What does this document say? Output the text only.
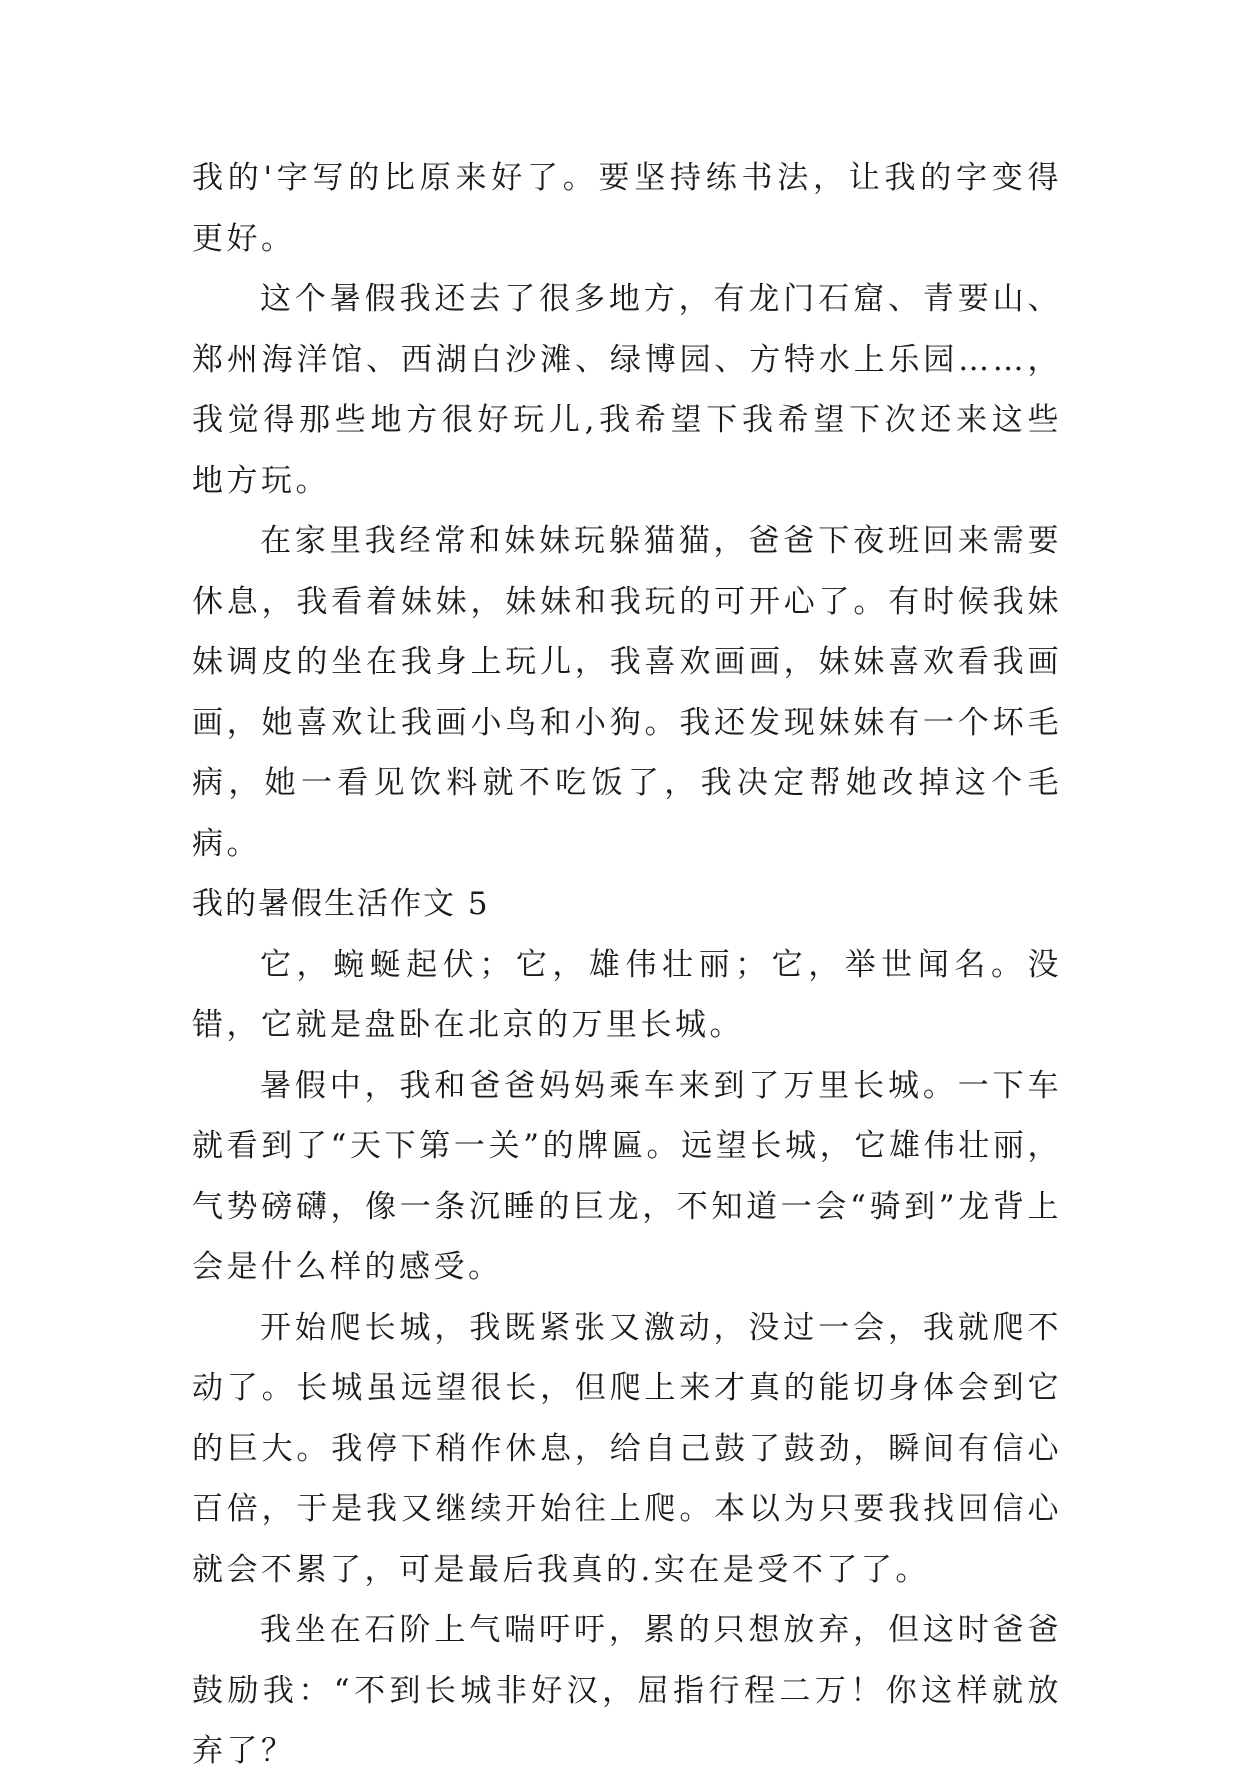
我的'字写的比原来好了。要坚持练书法，让我的字变得更好。

这个暑假我还去了很多地方，有龙门石窟、青要山、郑州海洋馆、西湖白沙滩、绿博园、方特水上乐园……，我觉得那些地方很好玩儿,我希望下我希望下次还来这些地方玩。

在家里我经常和妹妹玩躲猫猫，爸爸下夜班回来需要休息，我看着妹妹，妹妹和我玩的可开心了。有时候我妹妹调皮的坐在我身上玩儿，我喜欢画画，妹妹喜欢看我画画，她喜欢让我画小鸟和小狗。我还发现妹妹有一个坏毛病，她一看见饮料就不吃饭了，我决定帮她改掉这个毛病。

我的暑假生活作文 5

它，蜿蜒起伏；它，雄伟壮丽；它，举世闻名。没错，它就是盘卧在北京的万里长城。

暑假中，我和爸爸妈妈乘车来到了万里长城。一下车就看到了“天下第一关”的牌匾。远望长城，它雄伟壮丽，气势磅礴，像一条沉睡的巨龙，不知道一会“骑到”龙背上会是什么样的感受。

开始爬长城，我既紧张又激动，没过一会，我就爬不动了。长城虽远望很长，但爬上来才真的能切身体会到它的巨大。我停下稍作休息，给自己鼓了鼓劲，瞬间有信心百倍，于是我又继续开始往上爬。本以为只要我找回信心就会不累了，可是最后我真的.实在是受不了了。

我坐在石阶上气喘吁吁，累的只想放弃，但这时爸爸鼓励我：“不到长城非好汉，屈指行程二万！你这样就放弃了？
